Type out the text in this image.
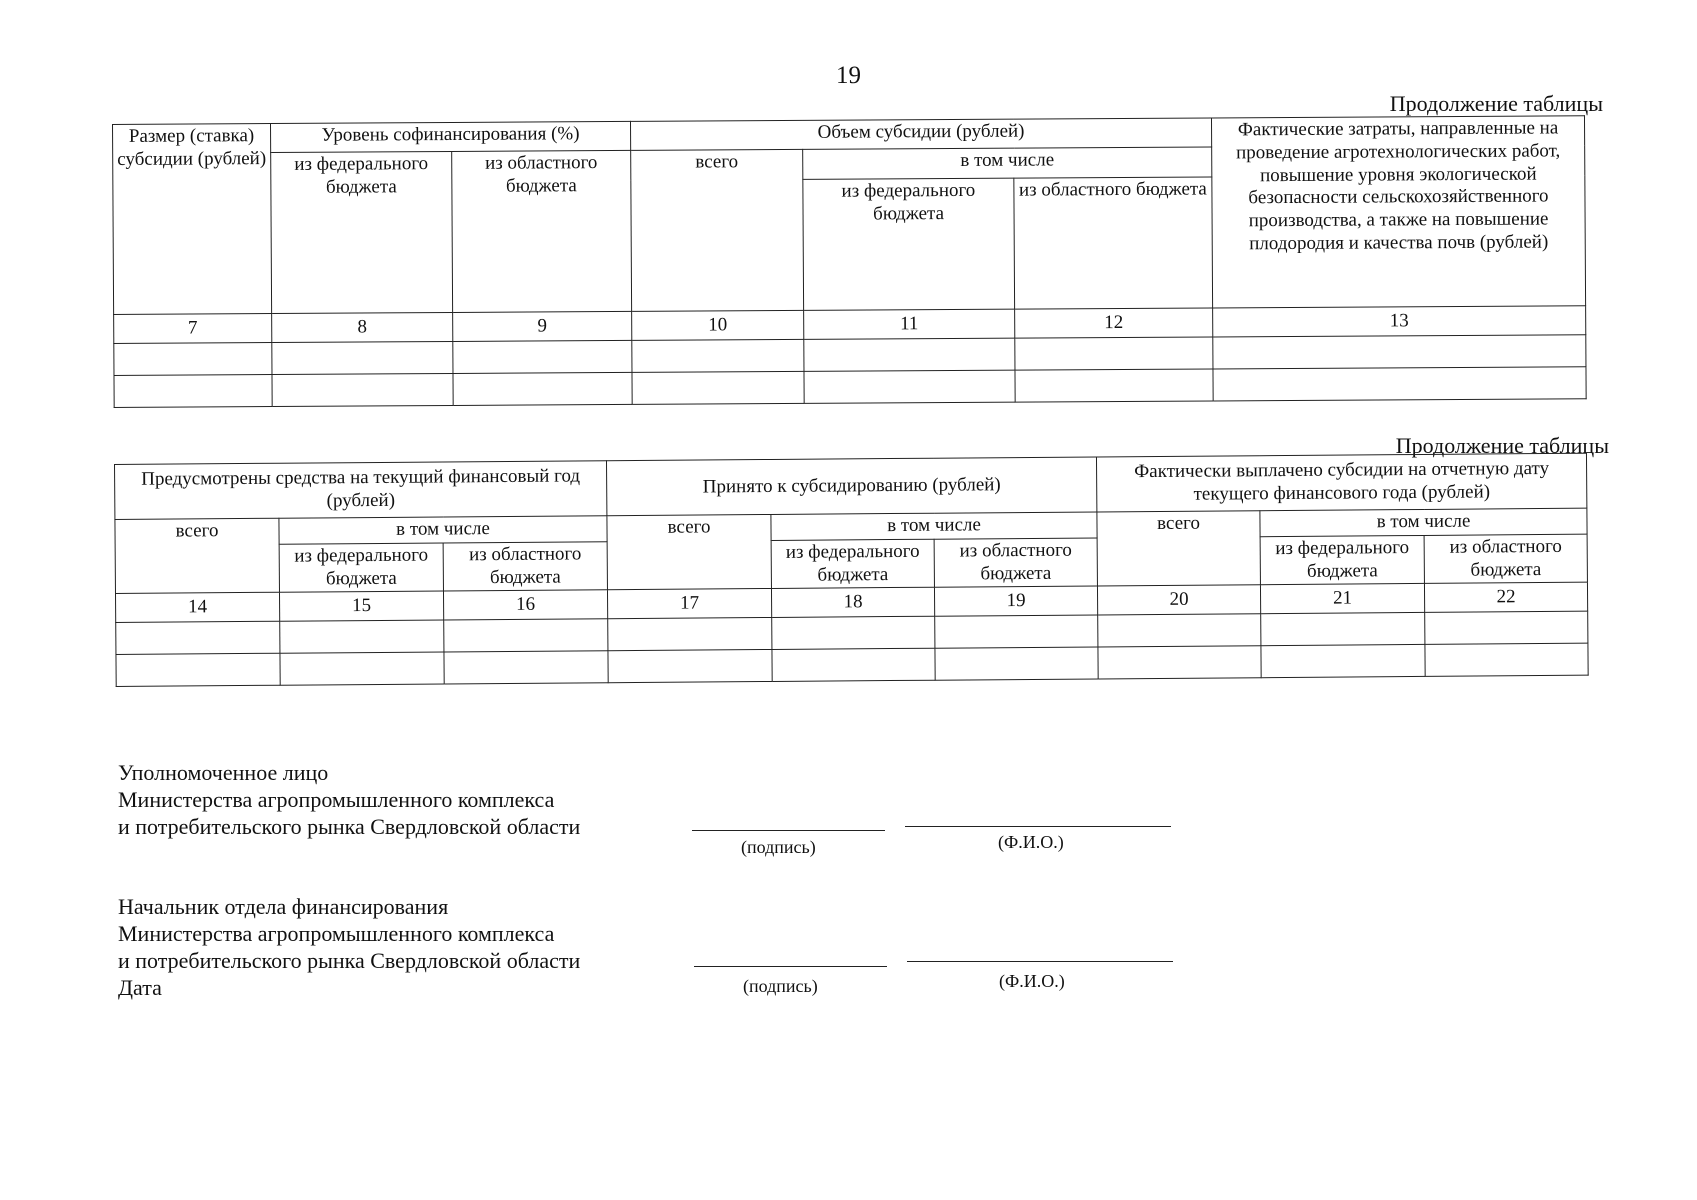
19
Продолжение таблицы
Размер (ставка) субсидии (рублей)	Уровень софинансирования (%)		Объем субсидии (рублей)			Фактические затраты, направленные на проведение агротехнологических работ, повышение уровня экологической безопасности сельскохозяйственного производства, а также на повышение плодородия и качества почв (рублей)
	из федерального бюджета	из областного бюджета	всего	в том числе		
				из федерального бюджета	из областного бюджета	
7	8	9	10	11	12	13

Продолжение таблицы
Предусмотрены средства на текущий финансовый год (рублей)			Принято к субсидированию (рублей)			Фактически выплачено субсидии на отчетную дату текущего финансового года (рублей)		
всего	в том числе		всего	в том числе		всего	в том числе	
	из федерального бюджета	из областного бюджета		из федерального бюджета	из областного бюджета		из федерального бюджета	из областного бюджета
14	15	16	17	18	19	20	21	22

Уполномоченное лицо
Министерства агропромышленного комплекса
и потребительского рынка Свердловской области
(подпись)	(Ф.И.О.)
Начальник отдела финансирования
Министерства агропромышленного комплекса
и потребительского рынка Свердловской области
Дата	(подпись)	(Ф.И.О.)
